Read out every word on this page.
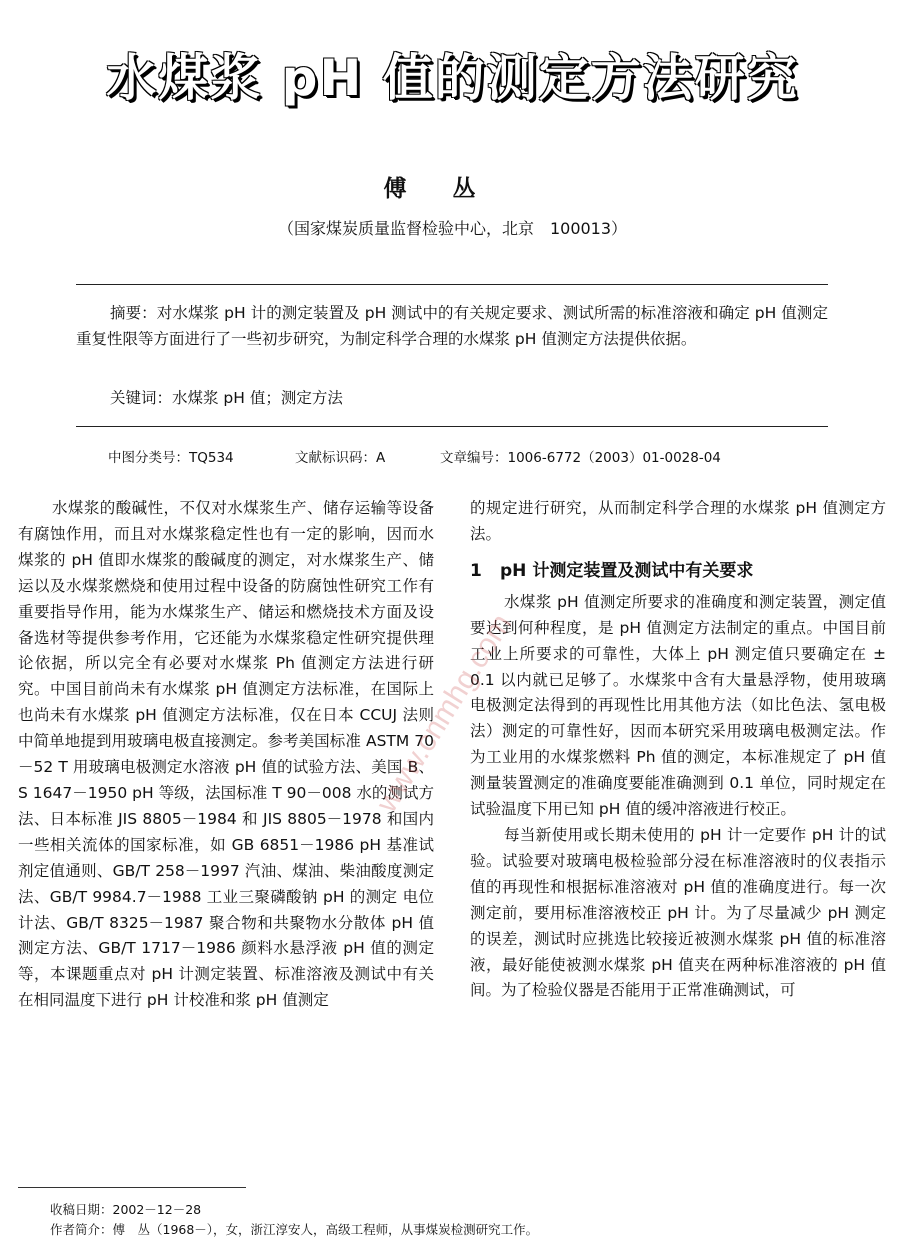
水煤浆 pH 值的测定方法研究
傅丛
（国家煤炭质量监督检验中心，北京　100013）
摘要：对水煤浆 pH 计的测定装置及 pH 测试中的有关规定要求、测试所需的标准溶液和确定 pH 值测定重复性限等方面进行了一些初步研究，为制定科学合理的水煤浆 pH 值测定方法提供依据。
关键词：水煤浆 pH 值；测定方法
中图分类号：TQ534	文献标识码：A	文章编号：1006-6772（2003）01-0028-04

水煤浆的酸碱性，不仅对水煤浆生产、储存运输等设备有腐蚀作用，而且对水煤浆稳定性也有一定的影响，因而水煤浆的 pH 值即水煤浆的酸碱度的测定，对水煤浆生产、储运以及水煤浆燃烧和使用过程中设备的防腐蚀性研究工作有重要指导作用，能为水煤浆生产、储运和燃烧技术方面及设备选材等提供参考作用，它还能为水煤浆稳定性研究提供理论依据，所以完全有必要对水煤浆 Ph 值测定方法进行研究。中国目前尚未有水煤浆 pH 值测定方法标准，在国际上也尚未有水煤浆 pH 值测定方法标准，仅在日本 CCUJ 法则中简单地提到用玻璃电极直接测定。参考美国标准 ASTM 70－52 T 用玻璃电极测定水溶液 pH 值的试验方法、美国 B、S 1647－1950 pH 等级，法国标准 T 90－008 水的测试方法、日本标准 JIS 8805－1984 和 JIS 8805－1978 和国内一些相关流体的国家标准，如 GB 6851－1986 pH 基准试剂定值通则、GB/T 258－1997 汽油、煤油、柴油酸度测定法、GB/T 9984.7－1988 工业三聚磷酸钠 pH 的测定 电位计法、GB/T 8325－1987 聚合物和共聚物水分散体 pH 值测定方法、GB/T 1717－1986 颜料水悬浮液 pH 值的测定等，本课题重点对 pH 计测定装置、标准溶液及测试中有关在相同温度下进行 pH 计校准和浆 pH 值测定

的规定进行研究，从而制定科学合理的水煤浆 pH 值测定方法。

1 pH 计测定装置及测试中有关要求

水煤浆 pH 值测定所要求的准确度和测定装置，测定值要达到何种程度，是 pH 值测定方法制定的重点。中国目前工业上所要求的可靠性，大体上 pH 测定值只要确定在 ± 0.1 以内就已足够了。水煤浆中含有大量悬浮物，使用玻璃电极测定法得到的再现性比用其他方法（如比色法、氢电极法）测定的可靠性好，因而本研究采用玻璃电极测定法。作为工业用的水煤浆燃料 Ph 值的测定，本标准规定了 pH 值测量装置测定的准确度要能准确测到 0.1 单位，同时规定在试验温度下用已知 pH 值的缓冲溶液进行校正。

每当新使用或长期未使用的 pH 计一定要作 pH 计的试验。试验要对玻璃电极检验部分浸在标准溶液时的仪表指示值的再现性和根据标准溶液对 pH 值的准确度进行。每一次测定前，要用标准溶液校正 pH 计。为了尽量减少 pH 测定的误差，测试时应挑选比较接近被测水煤浆 pH 值的标准溶液，最好能使被测水煤浆 pH 值夹在两种标准溶液的 pH 值间。为了检验仪器是否能用于正常准确测试，可

www.cnmhg.com
收稿日期：2002－12－28
作者简介：傅　丛（1968－），女，浙江淳安人，高级工程师，从事煤炭检测研究工作。
